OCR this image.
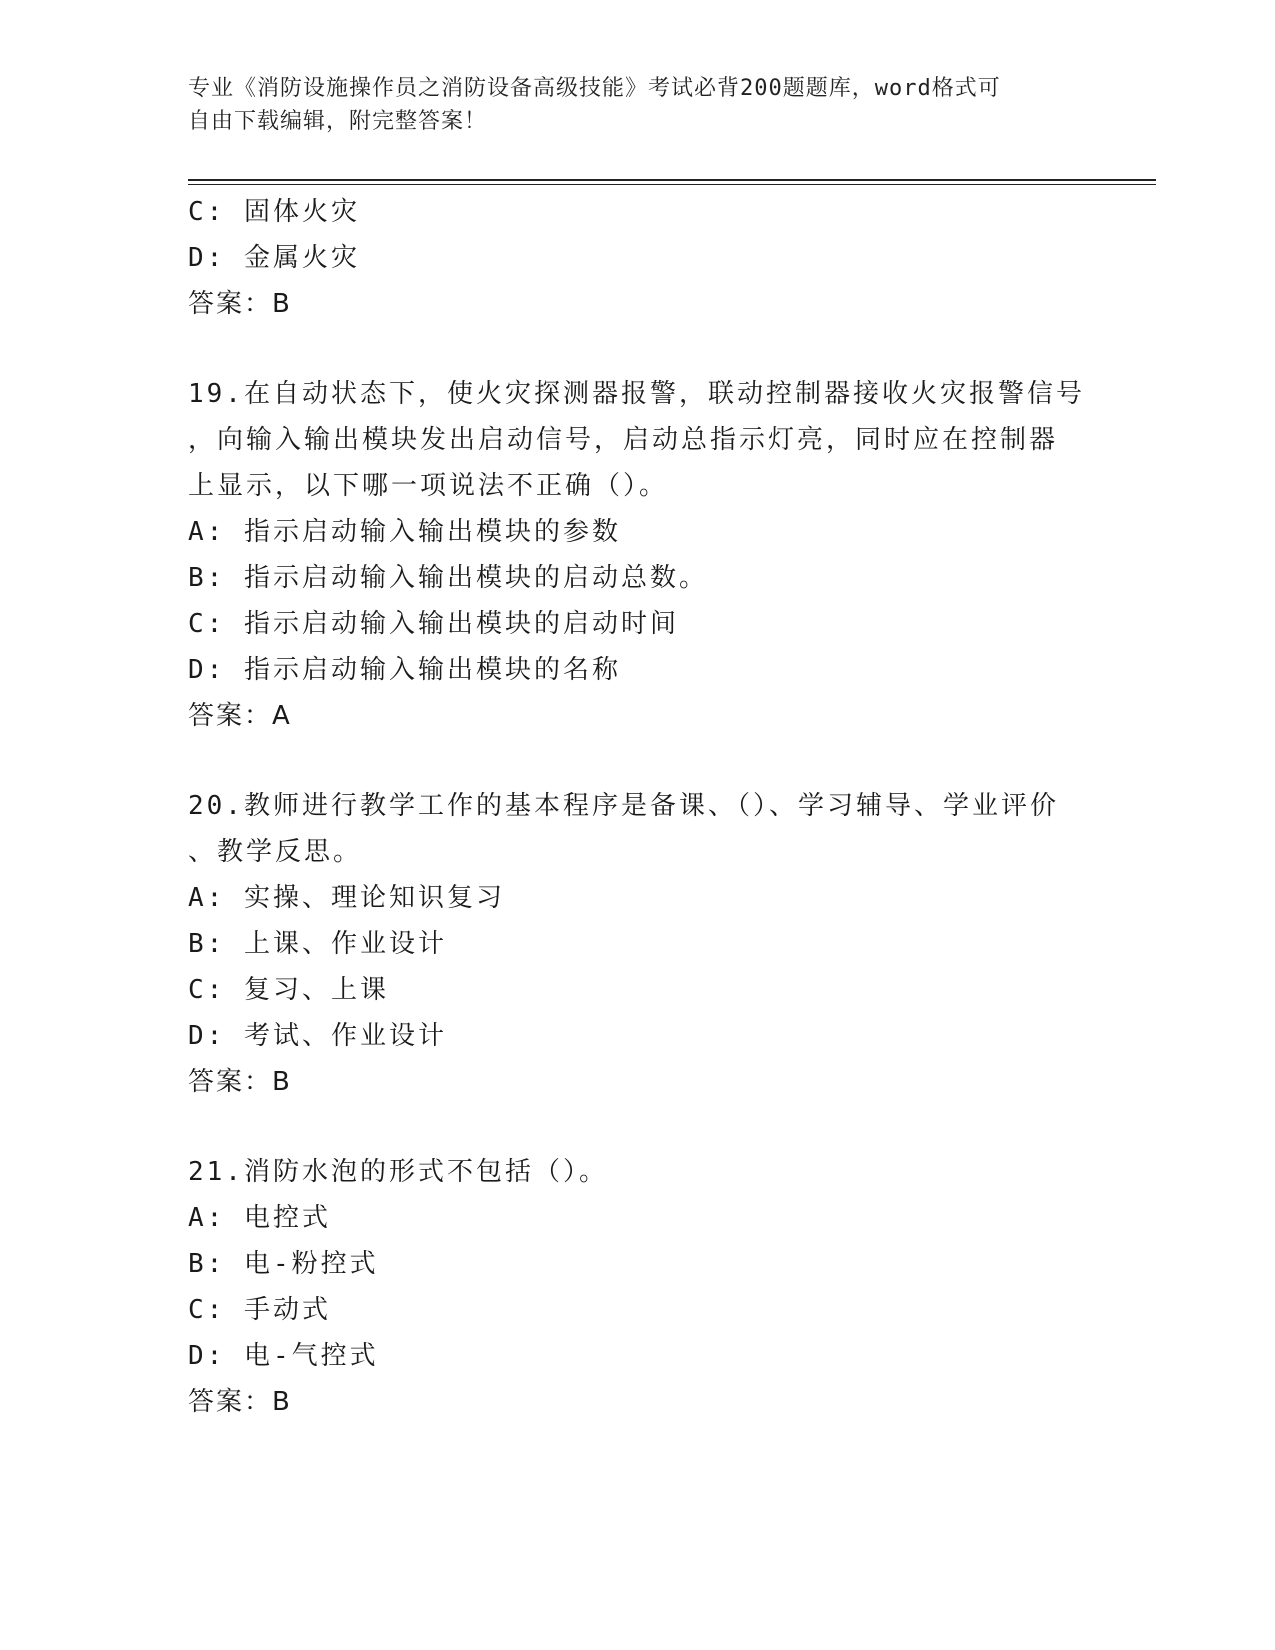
专业《消防设施操作员之消防设备高级技能》考试必背200题题库，word格式可
自由下载编辑，附完整答案！
C: 固体火灾
D: 金属火灾
答案：B
19.在自动状态下，使火灾探测器报警，联动控制器接收火灾报警信号
，向输入输出模块发出启动信号，启动总指示灯亮，同时应在控制器
上显示，以下哪一项说法不正确（）。
A: 指示启动输入输出模块的参数
B: 指示启动输入输出模块的启动总数。
C: 指示启动输入输出模块的启动时间
D: 指示启动输入输出模块的名称
答案：A
20.教师进行教学工作的基本程序是备课、（）、学习辅导、学业评价
、教学反思。
A: 实操、理论知识复习
B: 上课、作业设计
C: 复习、上课
D: 考试、作业设计
答案：B
21.消防水泡的形式不包括（）。
A: 电控式
B: 电-粉控式
C: 手动式
D: 电-气控式
答案：B
